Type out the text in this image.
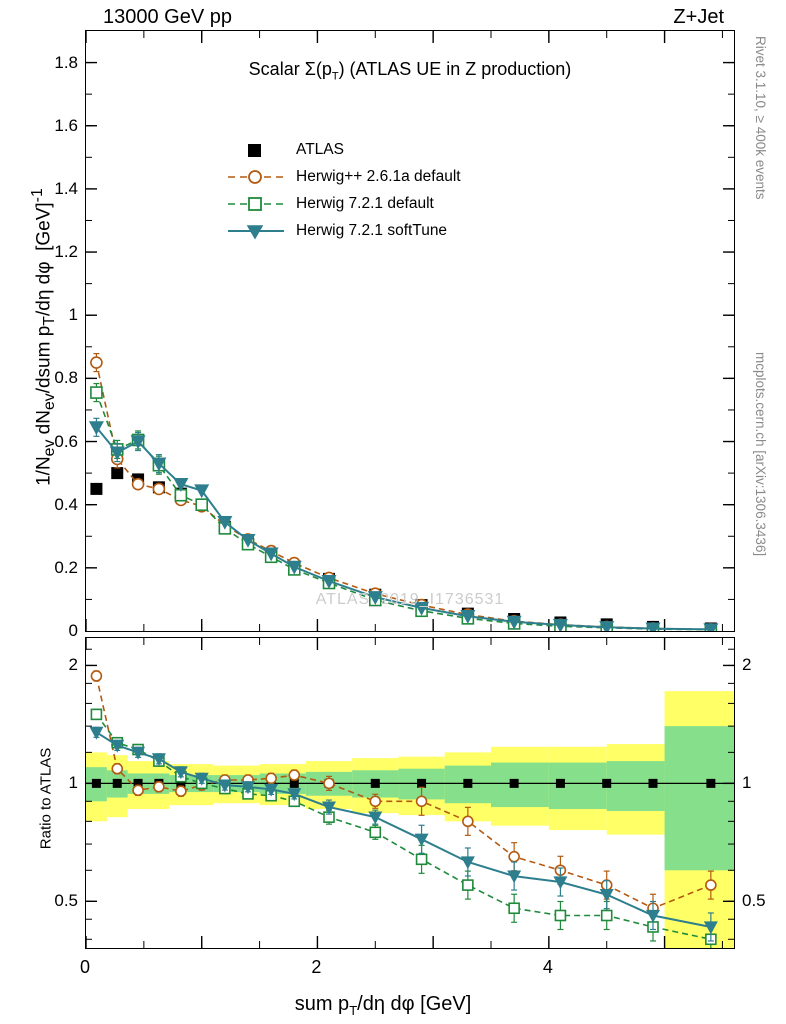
13000 GeV pp	Z+Jet
Rivet 3.1.10, ≥ 400k events
mcplots.cern.ch [arXiv:1306.3436]
$1/N_{ev}$ $dN_{ev}$/dsum $p_T/d\eta$ dφ  [GeV]$^{-1}$
Ratio to ATLAS
Scalar $\Sigma(p_T)$ (ATLAS UE in Z production)
ATLAS_2019_I1736531
ATLAS
Herwig++ 2.6.1a default
Herwig 7.2.1 default
Herwig 7.2.1 softTune
0.2
0.4
0.6
0.8
1
1.2
1.4
1.6
1.8
0
0.5
1
2
0.5
1
2
0	2	4
sum $p_T/d\eta$ dφ [GeV]
